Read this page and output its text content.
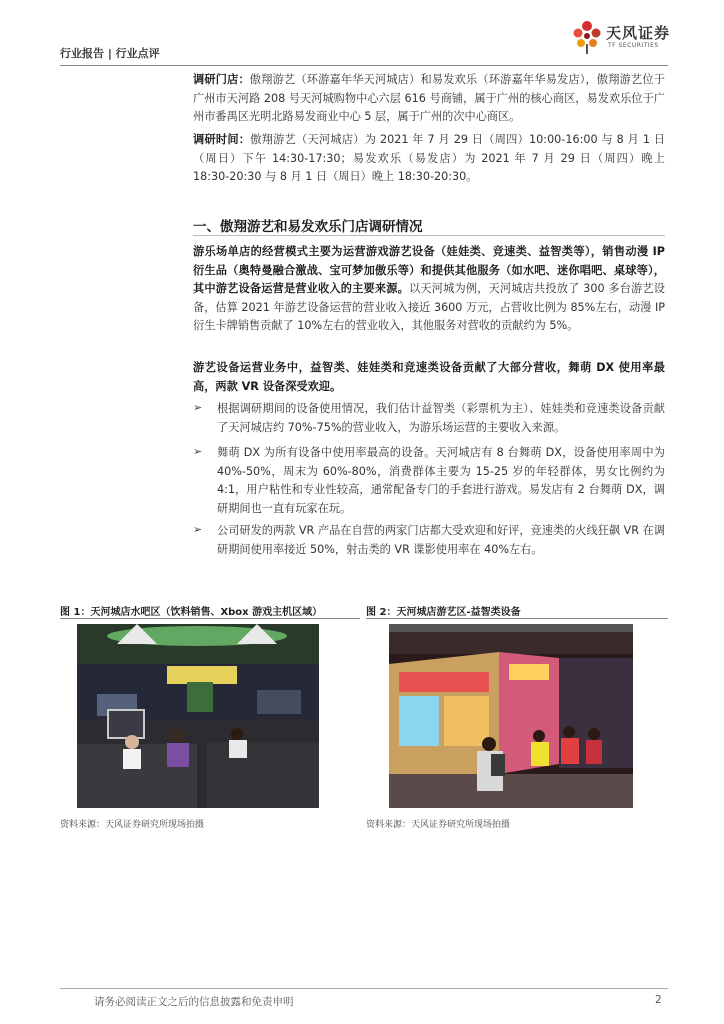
行业报告 | 行业点评
天风证券
TF SECURITIES
调研门店：傲翔游艺（环游嘉年华天河城店）和易发欢乐（环游嘉年华易发店），傲翔游艺位于广州市天河路 208 号天河城购物中心六层 616 号商铺，属于广州的核心商区，易发欢乐位于广州市番禺区光明北路易发商业中心 5 层，属于广州的次中心商区。
调研时间：傲翔游艺（天河城店）为 2021 年 7 月 29 日（周四）10:00-16:00 与 8 月 1 日（周日）下午 14:30-17:30；易发欢乐（易发店）为 2021 年 7 月 29 日（周四）晚上 18:30-20:30 与 8 月 1 日（周日）晚上 18:30-20:30。
一、傲翔游艺和易发欢乐门店调研情况
游乐场单店的经营模式主要为运营游戏游艺设备（娃娃类、竞速类、益智类等），销售动漫 IP 衍生品（奥特曼融合激战、宝可梦加傲乐等）和提供其他服务（如水吧、迷你唱吧、桌球等），其中游艺设备运营是营业收入的主要来源。以天河城为例，天河城店共投放了 300 多台游艺设备，估算 2021 年游艺设备运营的营业收入接近 3600 万元，占营收比例为 85%左右，动漫 IP 衍生卡牌销售贡献了 10%左右的营业收入，其他服务对营收的贡献约为 5%。
游艺设备运营业务中，益智类、娃娃类和竞速类设备贡献了大部分营收，舞萌 DX 使用率最高，两款 VR 设备深受欢迎。
➢ 根据调研期间的设备使用情况，我们估计益智类（彩票机为主）、娃娃类和竞速类设备贡献了天河城店约 70%-75%的营业收入，为游乐场运营的主要收入来源。
➢ 舞萌 DX 为所有设备中使用率最高的设备。天河城店有 8 台舞萌 DX，设备使用率周中为 40%-50%，周末为 60%-80%，消费群体主要为 15-25 岁的年轻群体，男女比例约为 4:1，用户粘性和专业性较高，通常配备专门的手套进行游戏。易发店有 2 台舞萌 DX，调研期间也一直有玩家在玩。
➢ 公司研发的两款 VR 产品在自营的两家门店都大受欢迎和好评，竞速类的火线狂飙 VR 在调研期间使用率接近 50%，射击类的 VR 谍影使用率在 40%左右。
图 1：天河城店水吧区（饮料销售、Xbox 游戏主机区域）
资料来源：天风证券研究所现场拍摄
图 2：天河城店游艺区-益智类设备
资料来源：天风证券研究所现场拍摄
请务必阅读正文之后的信息披露和免责申明	2
